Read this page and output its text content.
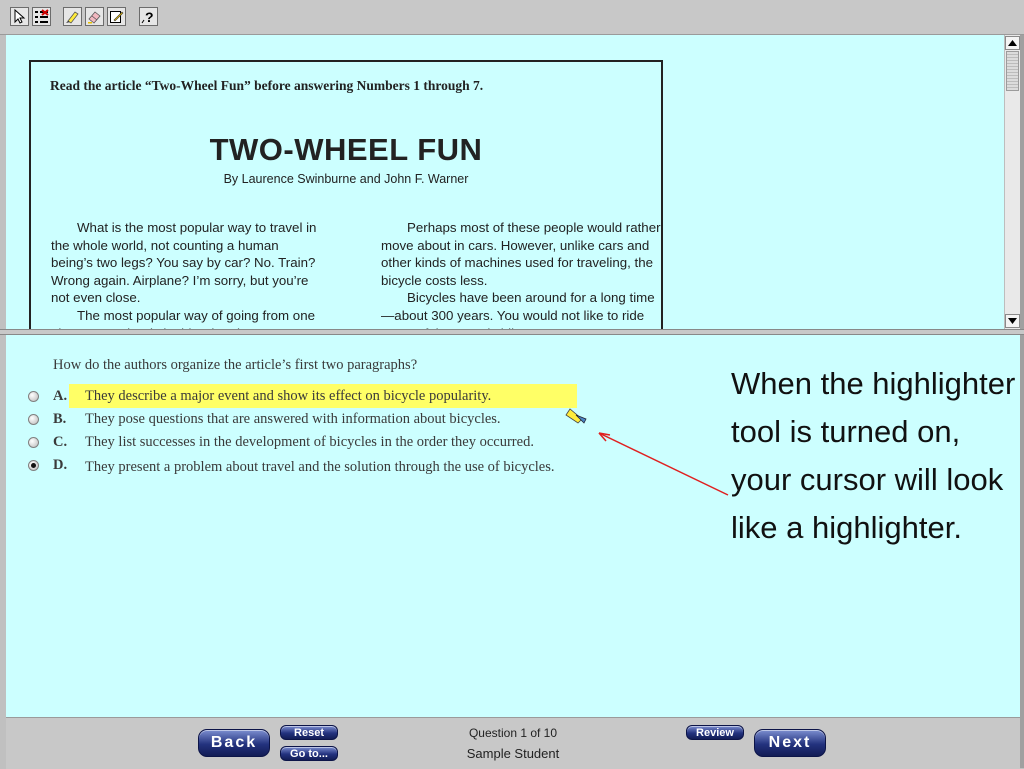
?
Read the article “Two-Wheel Fun” before answering Numbers 1 through 7.
TWO-WHEEL FUN
By Laurence Swinburne and John F. Warner

What is the most popular way to travel in the whole world, not counting a human being’s two legs? You say by car? No. Train? Wrong again. Airplane? I’m sorry, but you’re not even close.

The most popular way of going from one

Perhaps most of these people would rather move about in cars. However, unlike cars and other kinds of machines used for traveling, the bicycle costs less.

Bicycles have been around for a long time—about 300 years. You would not like to ride

How do the authors organize the article’s first two paragraphs?
A. They describe a major event and show its effect on bicycle popularity.
B. They pose questions that are answered with information about bicycles.
C. They list successes in the development of bicycles in the order they occurred.
D. They present a problem about travel and the solution through the use of bicycles.
When the highlighter tool is turned on, your cursor will look like a highlighter.
Back
Reset
Go to...
Question 1 of 10
Sample Student
Review
Next
